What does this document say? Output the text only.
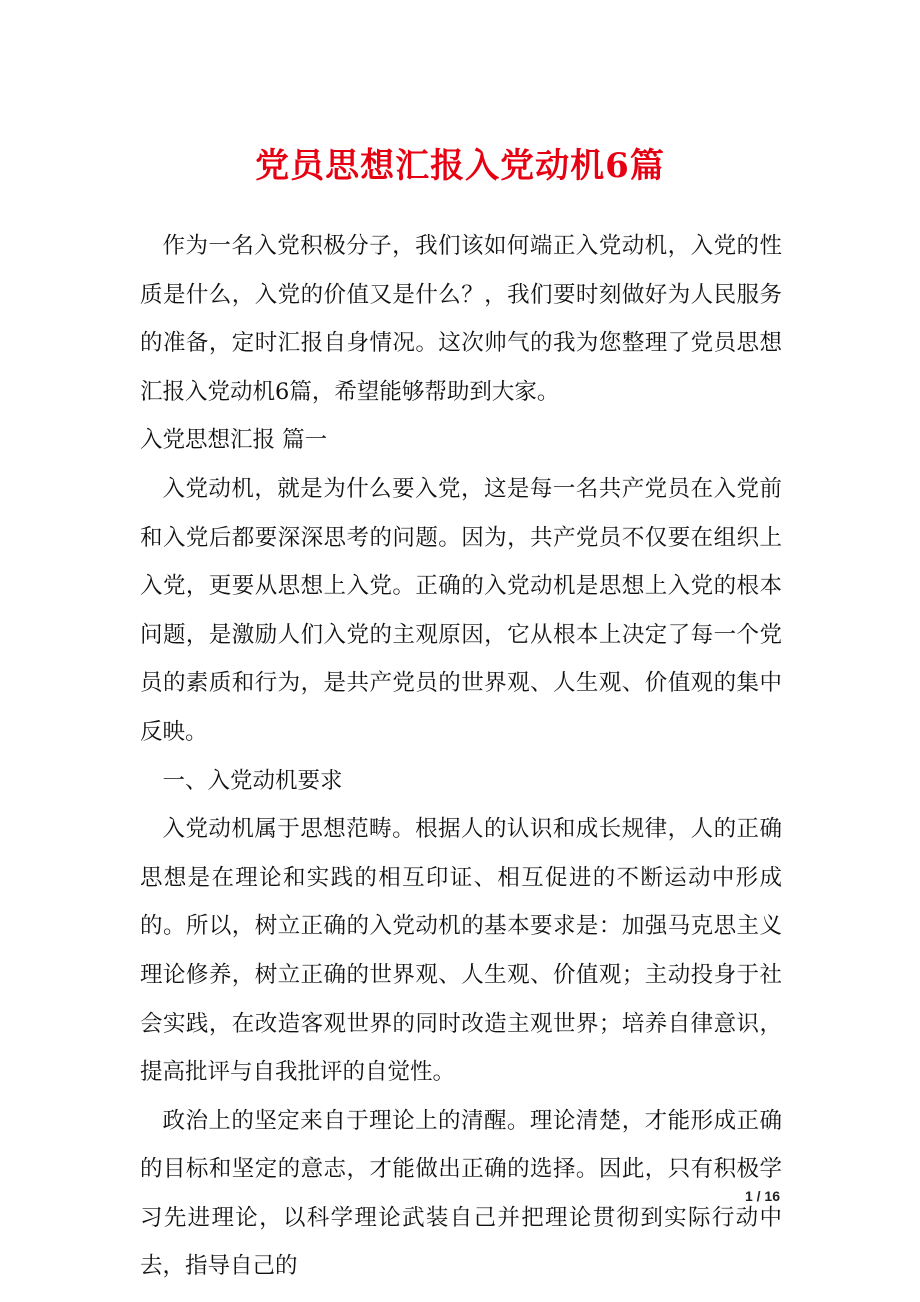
党员思想汇报入党动机6篇

作为一名入党积极分子，我们该如何端正入党动机，入党的性质是什么，入党的价值又是什么？，我们要时刻做好为人民服务的准备，定时汇报自身情况。这次帅气的我为您整理了党员思想汇报入党动机6篇，希望能够帮助到大家。

入党思想汇报 篇一

入党动机，就是为什么要入党，这是每一名共产党员在入党前和入党后都要深深思考的问题。因为，共产党员不仅要在组织上入党，更要从思想上入党。正确的入党动机是思想上入党的根本问题，是激励人们入党的主观原因，它从根本上决定了每一个党员的素质和行为，是共产党员的世界观、人生观、价值观的集中反映。

一、入党动机要求

入党动机属于思想范畴。根据人的认识和成长规律，人的正确思想是在理论和实践的相互印证、相互促进的不断运动中形成的。所以，树立正确的入党动机的基本要求是：加强马克思主义理论修养，树立正确的世界观、人生观、价值观；主动投身于社会实践，在改造客观世界的同时改造主观世界；培养自律意识，提高批评与自我批评的自觉性。

政治上的坚定来自于理论上的清醒。理论清楚，才能形成正确的目标和坚定的意志，才能做出正确的选择。因此，只有积极学习先进理论，以科学理论武装自己并把理论贯彻到实际行动中去，指导自己的

1 / 16
